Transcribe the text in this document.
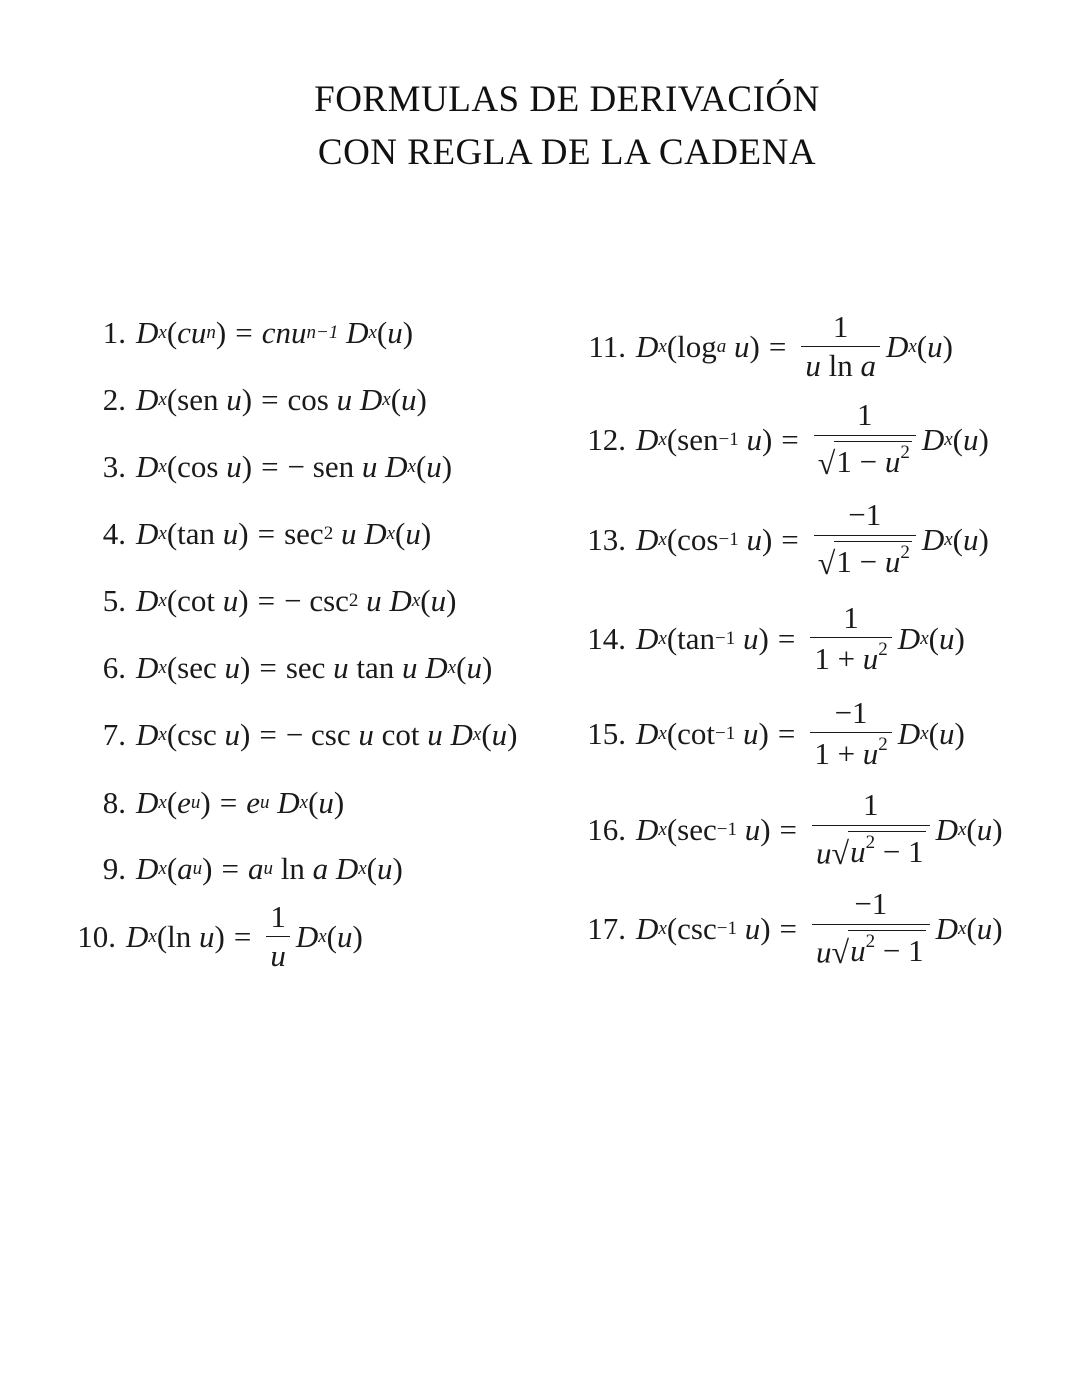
FORMULAS DE DERIVACIÓN
CON REGLA DE LA CADENA
1. D x ( cu n ) = cnu n−1
D x ( u )
2. D x ( sen
u ) = cos
u
D x ( u )
3. D x ( cos
u ) = − sen
u
D x ( u )
4. D x ( tan
u ) = sec 2
u
D x ( u )
5. D x ( cot
u ) = − csc 2
u
D x ( u )
6. D x ( sec
u ) = sec
u
tan
u
D x ( u )
7. D x ( csc
u ) = − csc
u
cot
u
D x ( u )
8. D x ( e u ) = e u
D x ( u )
9. D x ( a u ) = a u
ln
a
D x ( u )
10. D x ( ln
u ) = $\frac{1}{u}$ D x ( u )
11. D x ( log a
u ) = $\frac{1}{\text{u ln a}}$ D x ( u )
12. D x ( sen −1
u ) = $\frac{1}{√ 1 - u^2}$ D x ( u )
13. D x ( cos −1
u ) = $\frac{-1}{√ 1 - u^2}$ D x ( u )
14. D x ( tan −1
u ) = $\frac{1}{1 + u^2}$ D x ( u )
15. D x ( cot −1
u ) = $\frac{-1}{1 + u^2}$ D x ( u )
16. D x ( sec −1
u ) = $\frac{1}{u √ u^2 - 1}$ D x ( u )
17. D x ( csc −1
u ) = $\frac{-1}{u √ u^2 - 1}$ D x ( u )
